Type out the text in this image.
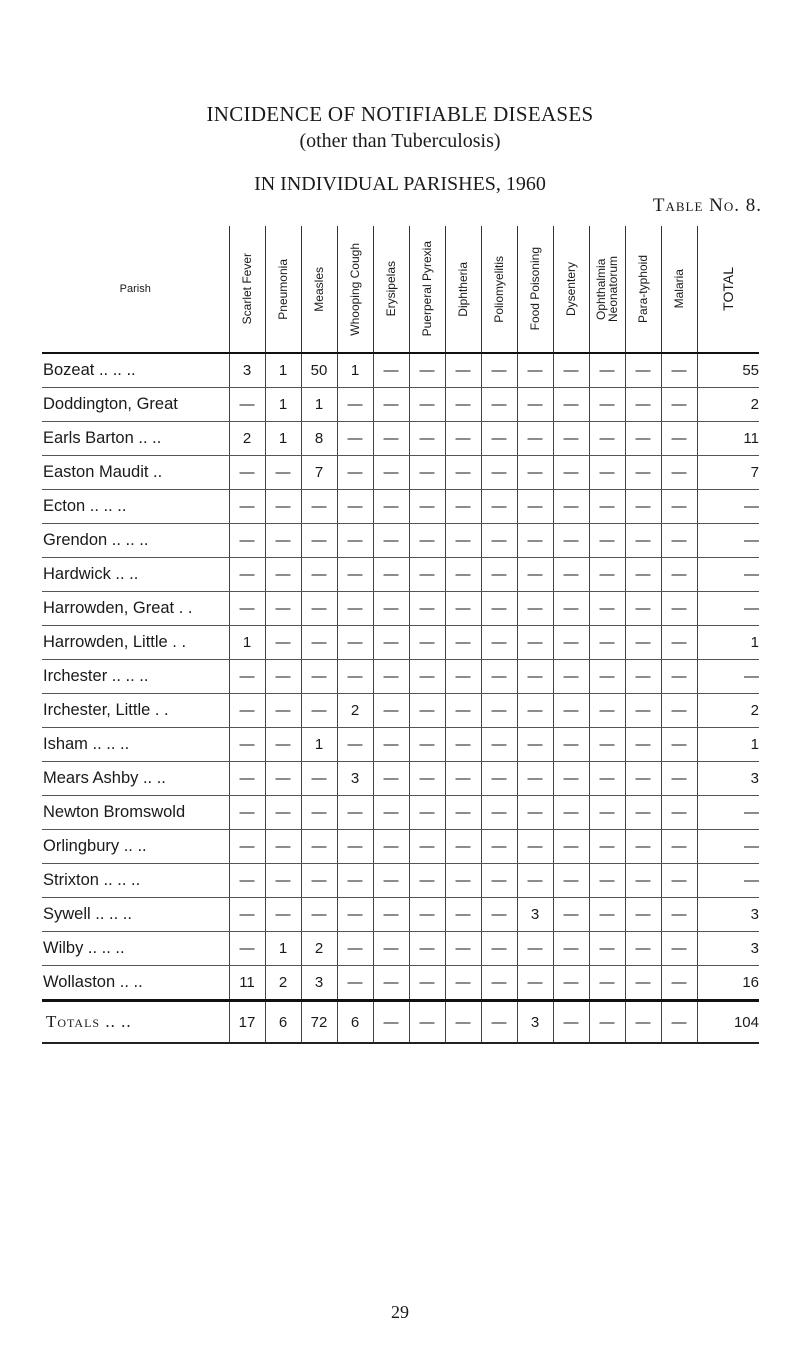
INCIDENCE OF NOTIFIABLE DISEASES
(other than Tuberculosis)
IN INDIVIDUAL PARISHES, 1960
Table No. 8.
Parish	Scarlet Fever	Pneumonia	Measles	Whooping Cough	Erysipelas	Puerperal Pyrexia	Diphtheria	Poliomyelitis	Food Poisoning	Dysentery	Ophthalmia Neonatorum	Para-typhoid	Malaria	TOTAL

Bozeat .. .. ..	3	1	50	1	—	—	—	—	—	—	—	—	—	55
Doddington, Great	—	1	1	—	—	—	—	—	—	—	—	—	—	2
Earls Barton .. ..	2	1	8	—	—	—	—	—	—	—	—	—	—	11
Easton Maudit ..	—	—	7	—	—	—	—	—	—	—	—	—	—	7
Ecton .. .. ..	—	—	—	—	—	—	—	—	—	—	—	—	—	—
Grendon .. .. ..	—	—	—	—	—	—	—	—	—	—	—	—	—	—
Hardwick .. ..	—	—	—	—	—	—	—	—	—	—	—	—	—	—
Harrowden, Great . .	—	—	—	—	—	—	—	—	—	—	—	—	—	—
Harrowden, Little . .	1	—	—	—	—	—	—	—	—	—	—	—	—	1
Irchester .. .. ..	—	—	—	—	—	—	—	—	—	—	—	—	—	—
Irchester, Little . .	—	—	—	2	—	—	—	—	—	—	—	—	—	2
Isham .. .. ..	—	—	1	—	—	—	—	—	—	—	—	—	—	1
Mears Ashby .. ..	—	—	—	3	—	—	—	—	—	—	—	—	—	3
Newton Bromswold	—	—	—	—	—	—	—	—	—	—	—	—	—	—
Orlingbury .. ..	—	—	—	—	—	—	—	—	—	—	—	—	—	—
Strixton .. .. ..	—	—	—	—	—	—	—	—	—	—	—	—	—	—
Sywell .. .. ..	—	—	—	—	—	—	—	—	3	—	—	—	—	3
Wilby .. .. ..	—	1	2	—	—	—	—	—	—	—	—	—	—	3
Wollaston .. ..	11	2	3	—	—	—	—	—	—	—	—	—	—	16
Totals .. ..	17	6	72	6	—	—	—	—	3	—	—	—	—	104
29
